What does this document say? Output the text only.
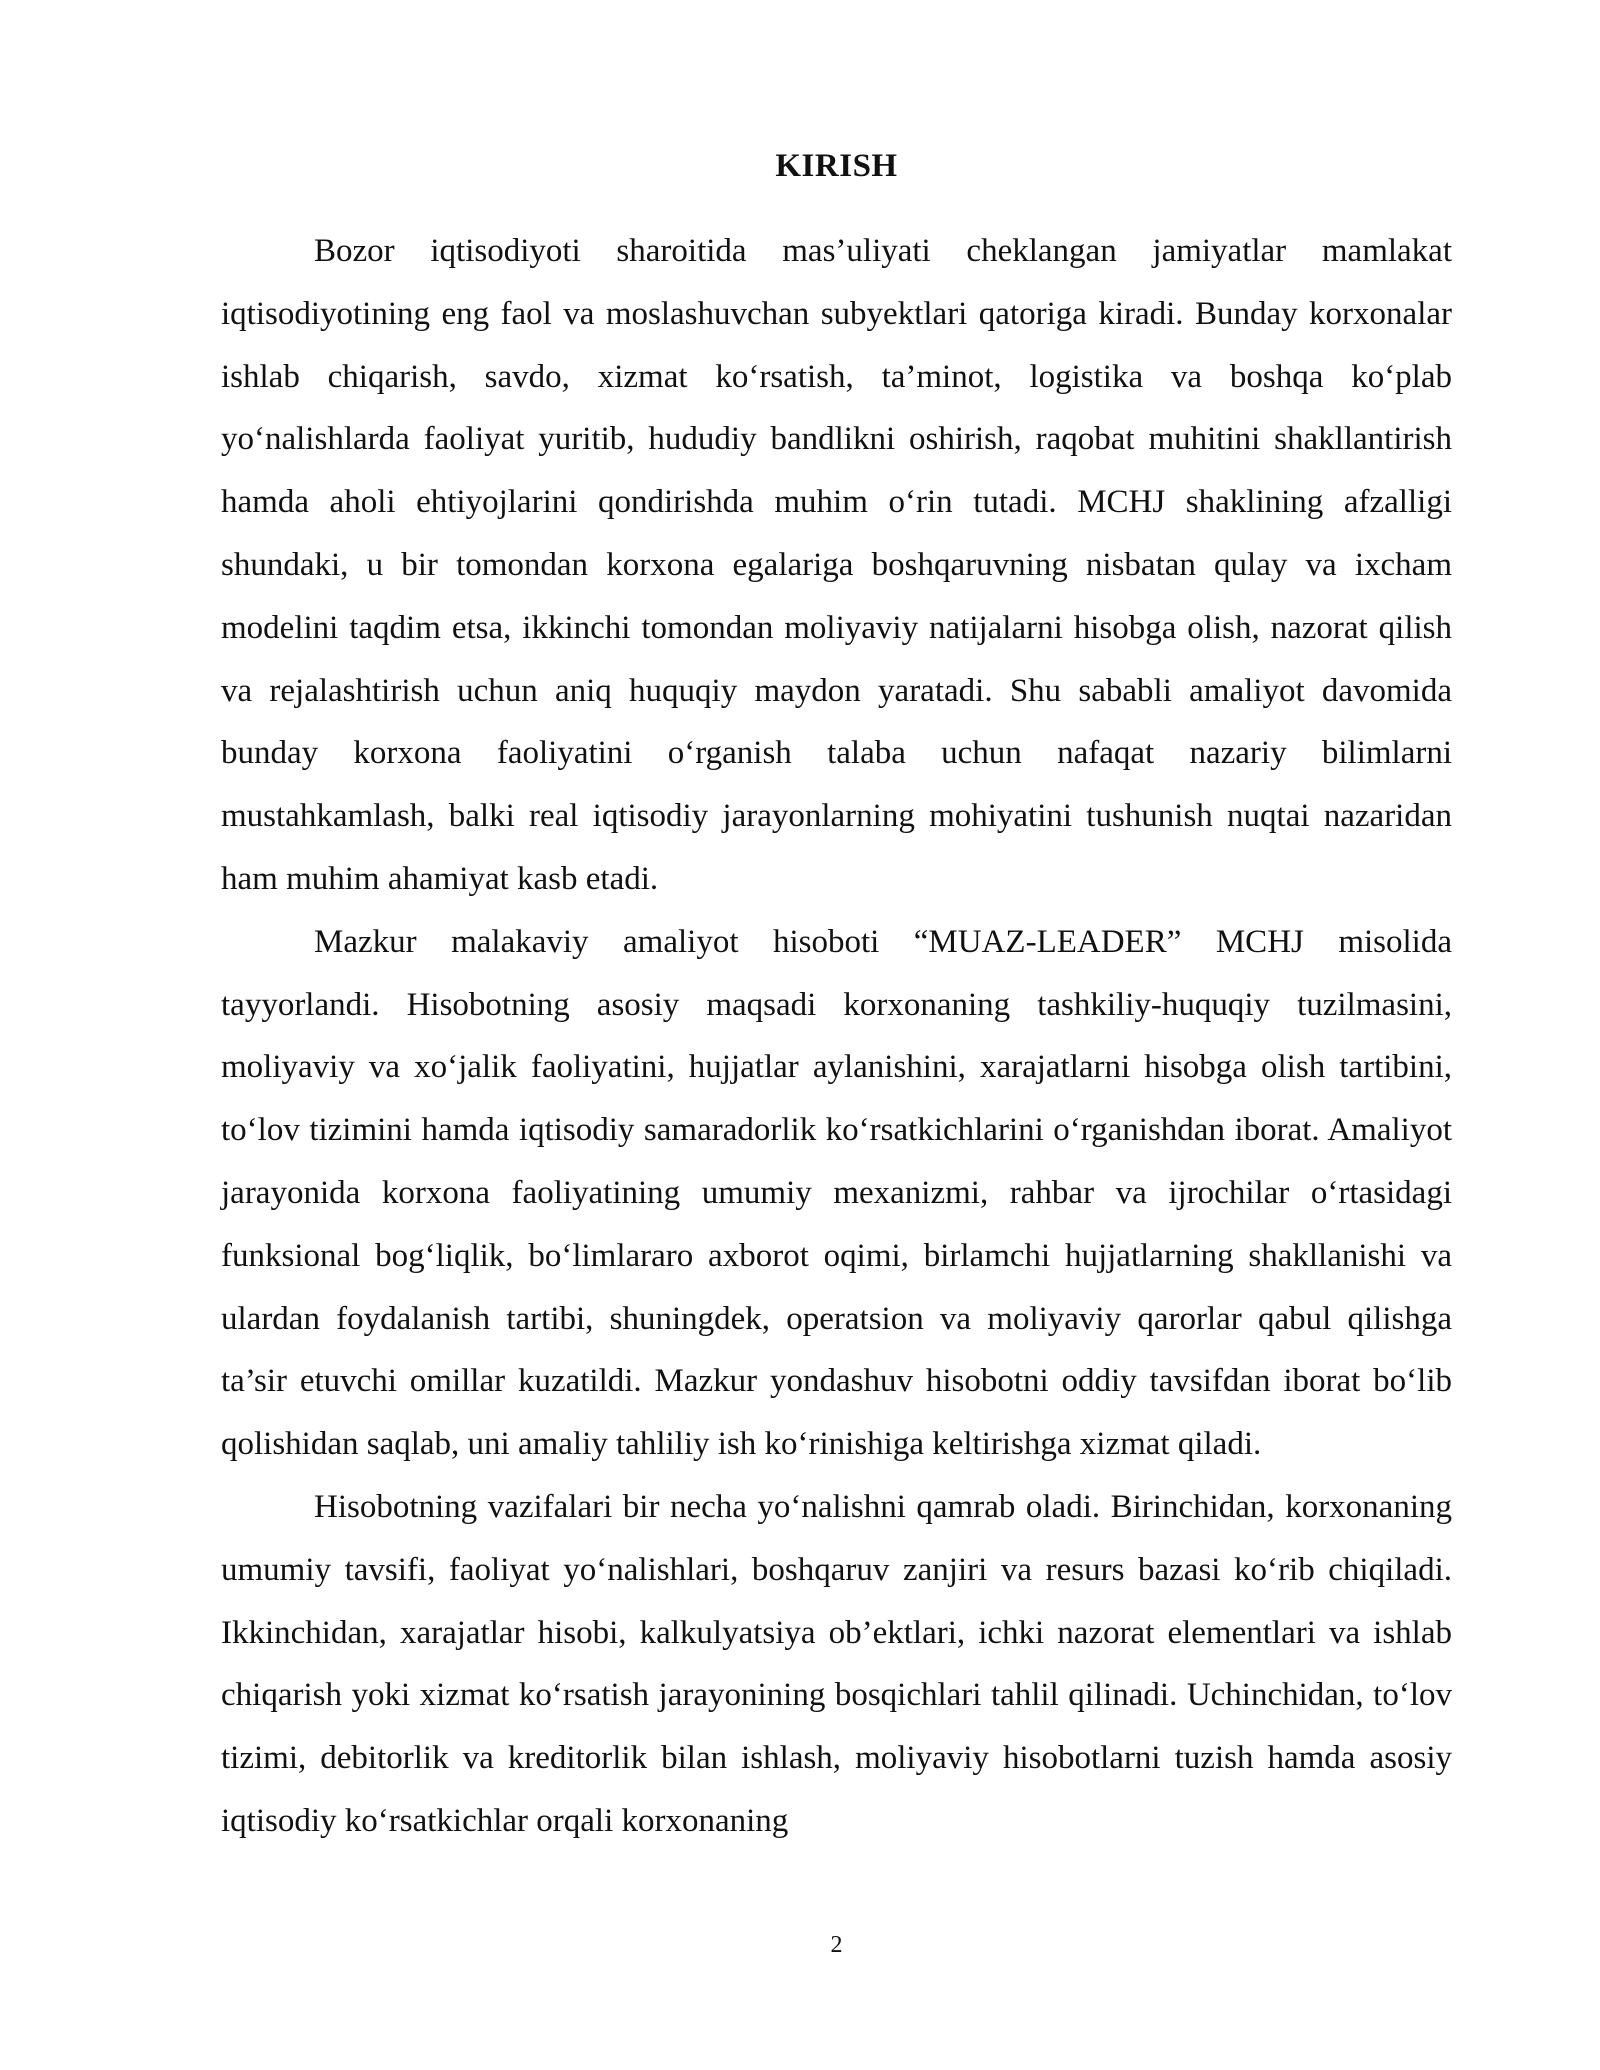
KIRISH

Bozor iqtisodiyoti sharoitida mas’uliyati cheklangan jamiyatlar mamlakat iqtisodiyotining eng faol va moslashuvchan subyektlari qatoriga kiradi. Bunday korxonalar ishlab chiqarish, savdo, xizmat ko‘rsatish, ta’minot, logistika va boshqa ko‘plab yo‘nalishlarda faoliyat yuritib, hududiy bandlikni oshirish, raqobat muhitini shakllantirish hamda aholi ehtiyojlarini qondirishda muhim o‘rin tutadi. MCHJ shaklining afzalligi shundaki, u bir tomondan korxona egalariga boshqaruvning nisbatan qulay va ixcham modelini taqdim etsa, ikkinchi tomondan moliyaviy natijalarni hisobga olish, nazorat qilish va rejalashtirish uchun aniq huquqiy maydon yaratadi. Shu sababli amaliyot davomida bunday korxona faoliyatini o‘rganish talaba uchun nafaqat nazariy bilimlarni mustahkamlash, balki real iqtisodiy jarayonlarning mohiyatini tushunish nuqtai nazaridan ham muhim ahamiyat kasb etadi.

Mazkur malakaviy amaliyot hisoboti “MUAZ-LEADER” MCHJ misolida tayyorlandi. Hisobotning asosiy maqsadi korxonaning tashkiliy-huquqiy tuzilmasini, moliyaviy va xo‘jalik faoliyatini, hujjatlar aylanishini, xarajatlarni hisobga olish tartibini, to‘lov tizimini hamda iqtisodiy samaradorlik ko‘rsatkichlarini o‘rganishdan iborat. Amaliyot jarayonida korxona faoliyatining umumiy mexanizmi, rahbar va ijrochilar o‘rtasidagi funksional bog‘liqlik, bo‘limlararo axborot oqimi, birlamchi hujjatlarning shakllanishi va ulardan foydalanish tartibi, shuningdek, operatsion va moliyaviy qarorlar qabul qilishga ta’sir etuvchi omillar kuzatildi. Mazkur yondashuv hisobotni oddiy tavsifdan iborat bo‘lib qolishidan saqlab, uni amaliy tahliliy ish ko‘rinishiga keltirishga xizmat qiladi.

Hisobotning vazifalari bir necha yo‘nalishni qamrab oladi. Birinchidan, korxonaning umumiy tavsifi, faoliyat yo‘nalishlari, boshqaruv zanjiri va resurs bazasi ko‘rib chiqiladi. Ikkinchidan, xarajatlar hisobi, kalkulyatsiya ob’ektlari, ichki nazorat elementlari va ishlab chiqarish yoki xizmat ko‘rsatish jarayonining bosqichlari tahlil qilinadi. Uchinchidan, to‘lov tizimi, debitorlik va kreditorlik bilan ishlash, moliyaviy hisobotlarni tuzish hamda asosiy iqtisodiy ko‘rsatkichlar orqali korxonaning

2
